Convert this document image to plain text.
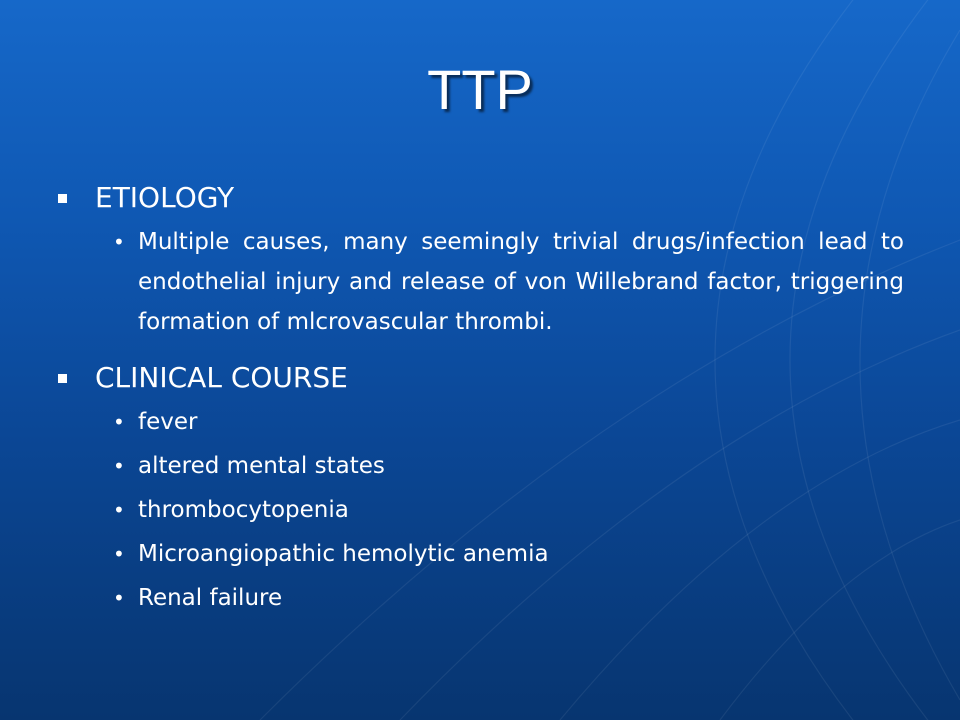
TTP
ETIOLOGY
• Multiple causes, many seemingly trivial drugs/infection lead to endothelial injury and release of von Willebrand factor, triggering formation of mlcrovascular thrombi.
CLINICAL COURSE
• fever
• altered mental states
• thrombocytopenia
• Microangiopathic hemolytic anemia
• Renal failure
